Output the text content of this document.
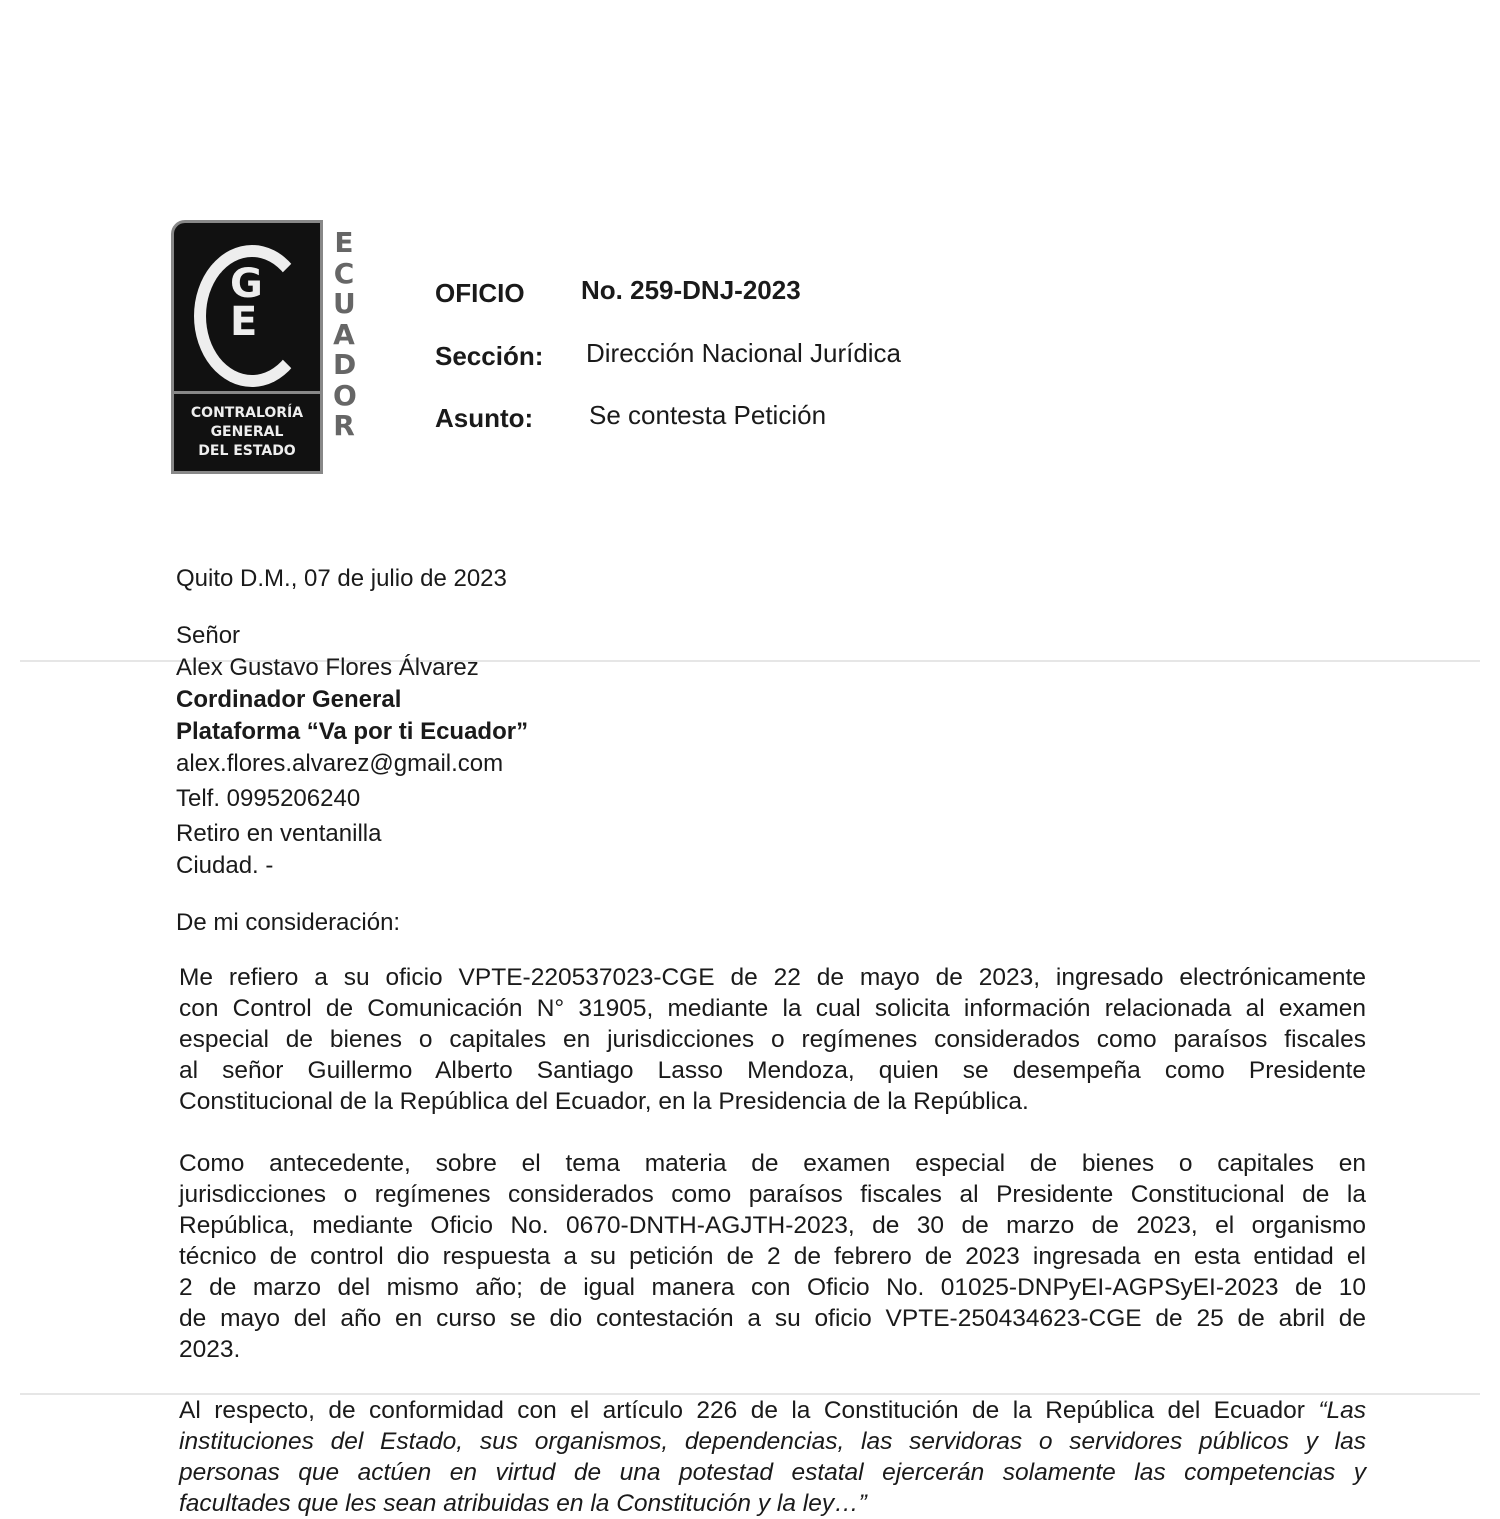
G
E
CONTRALORÍA
GENERAL
DEL ESTADO
E
C
U
A
D
O
R
OFICIO No. 259-DNJ-2023
Sección: Dirección Nacional Jurídica
Asunto: Se contesta Petición
Quito D.M., 07 de julio de 2023
Señor
Alex Gustavo Flores Álvarez
Cordinador General
Plataforma “Va por ti Ecuador”
alex.flores.alvarez@gmail.com
Telf. 0995206240
Retiro en ventanilla
Ciudad. -
De mi consideración:
Me refiero a su oficio VPTE-220537023-CGE de 22 de mayo de 2023, ingresado electrónicamente
con Control de Comunicación N° 31905, mediante la cual solicita información relacionada al examen
especial de bienes o capitales en jurisdicciones o regímenes considerados como paraísos fiscales
al señor Guillermo Alberto Santiago Lasso Mendoza, quien se desempeña como Presidente
Constitucional de la República del Ecuador, en la Presidencia de la República.
Como antecedente, sobre el tema materia de examen especial de bienes o capitales en
jurisdicciones o regímenes considerados como paraísos fiscales al Presidente Constitucional de la
República, mediante Oficio No. 0670-DNTH-AGJTH-2023, de 30 de marzo de 2023, el organismo
técnico de control dio respuesta a su petición de 2 de febrero de 2023 ingresada en esta entidad el
2 de marzo del mismo año; de igual manera con Oficio No. 01025-DNPyEI-AGPSyEI-2023 de 10
de mayo del año en curso se dio contestación a su oficio VPTE-250434623-CGE de 25 de abril de
2023.
Al respecto, de conformidad con el artículo 226 de la Constitución de la República del Ecuador “Las
instituciones del Estado, sus organismos, dependencias, las servidoras o servidores públicos y las
personas que actúen en virtud de una potestad estatal ejercerán solamente las competencias y
facultades que les sean atribuidas en la Constitución y la ley…”
